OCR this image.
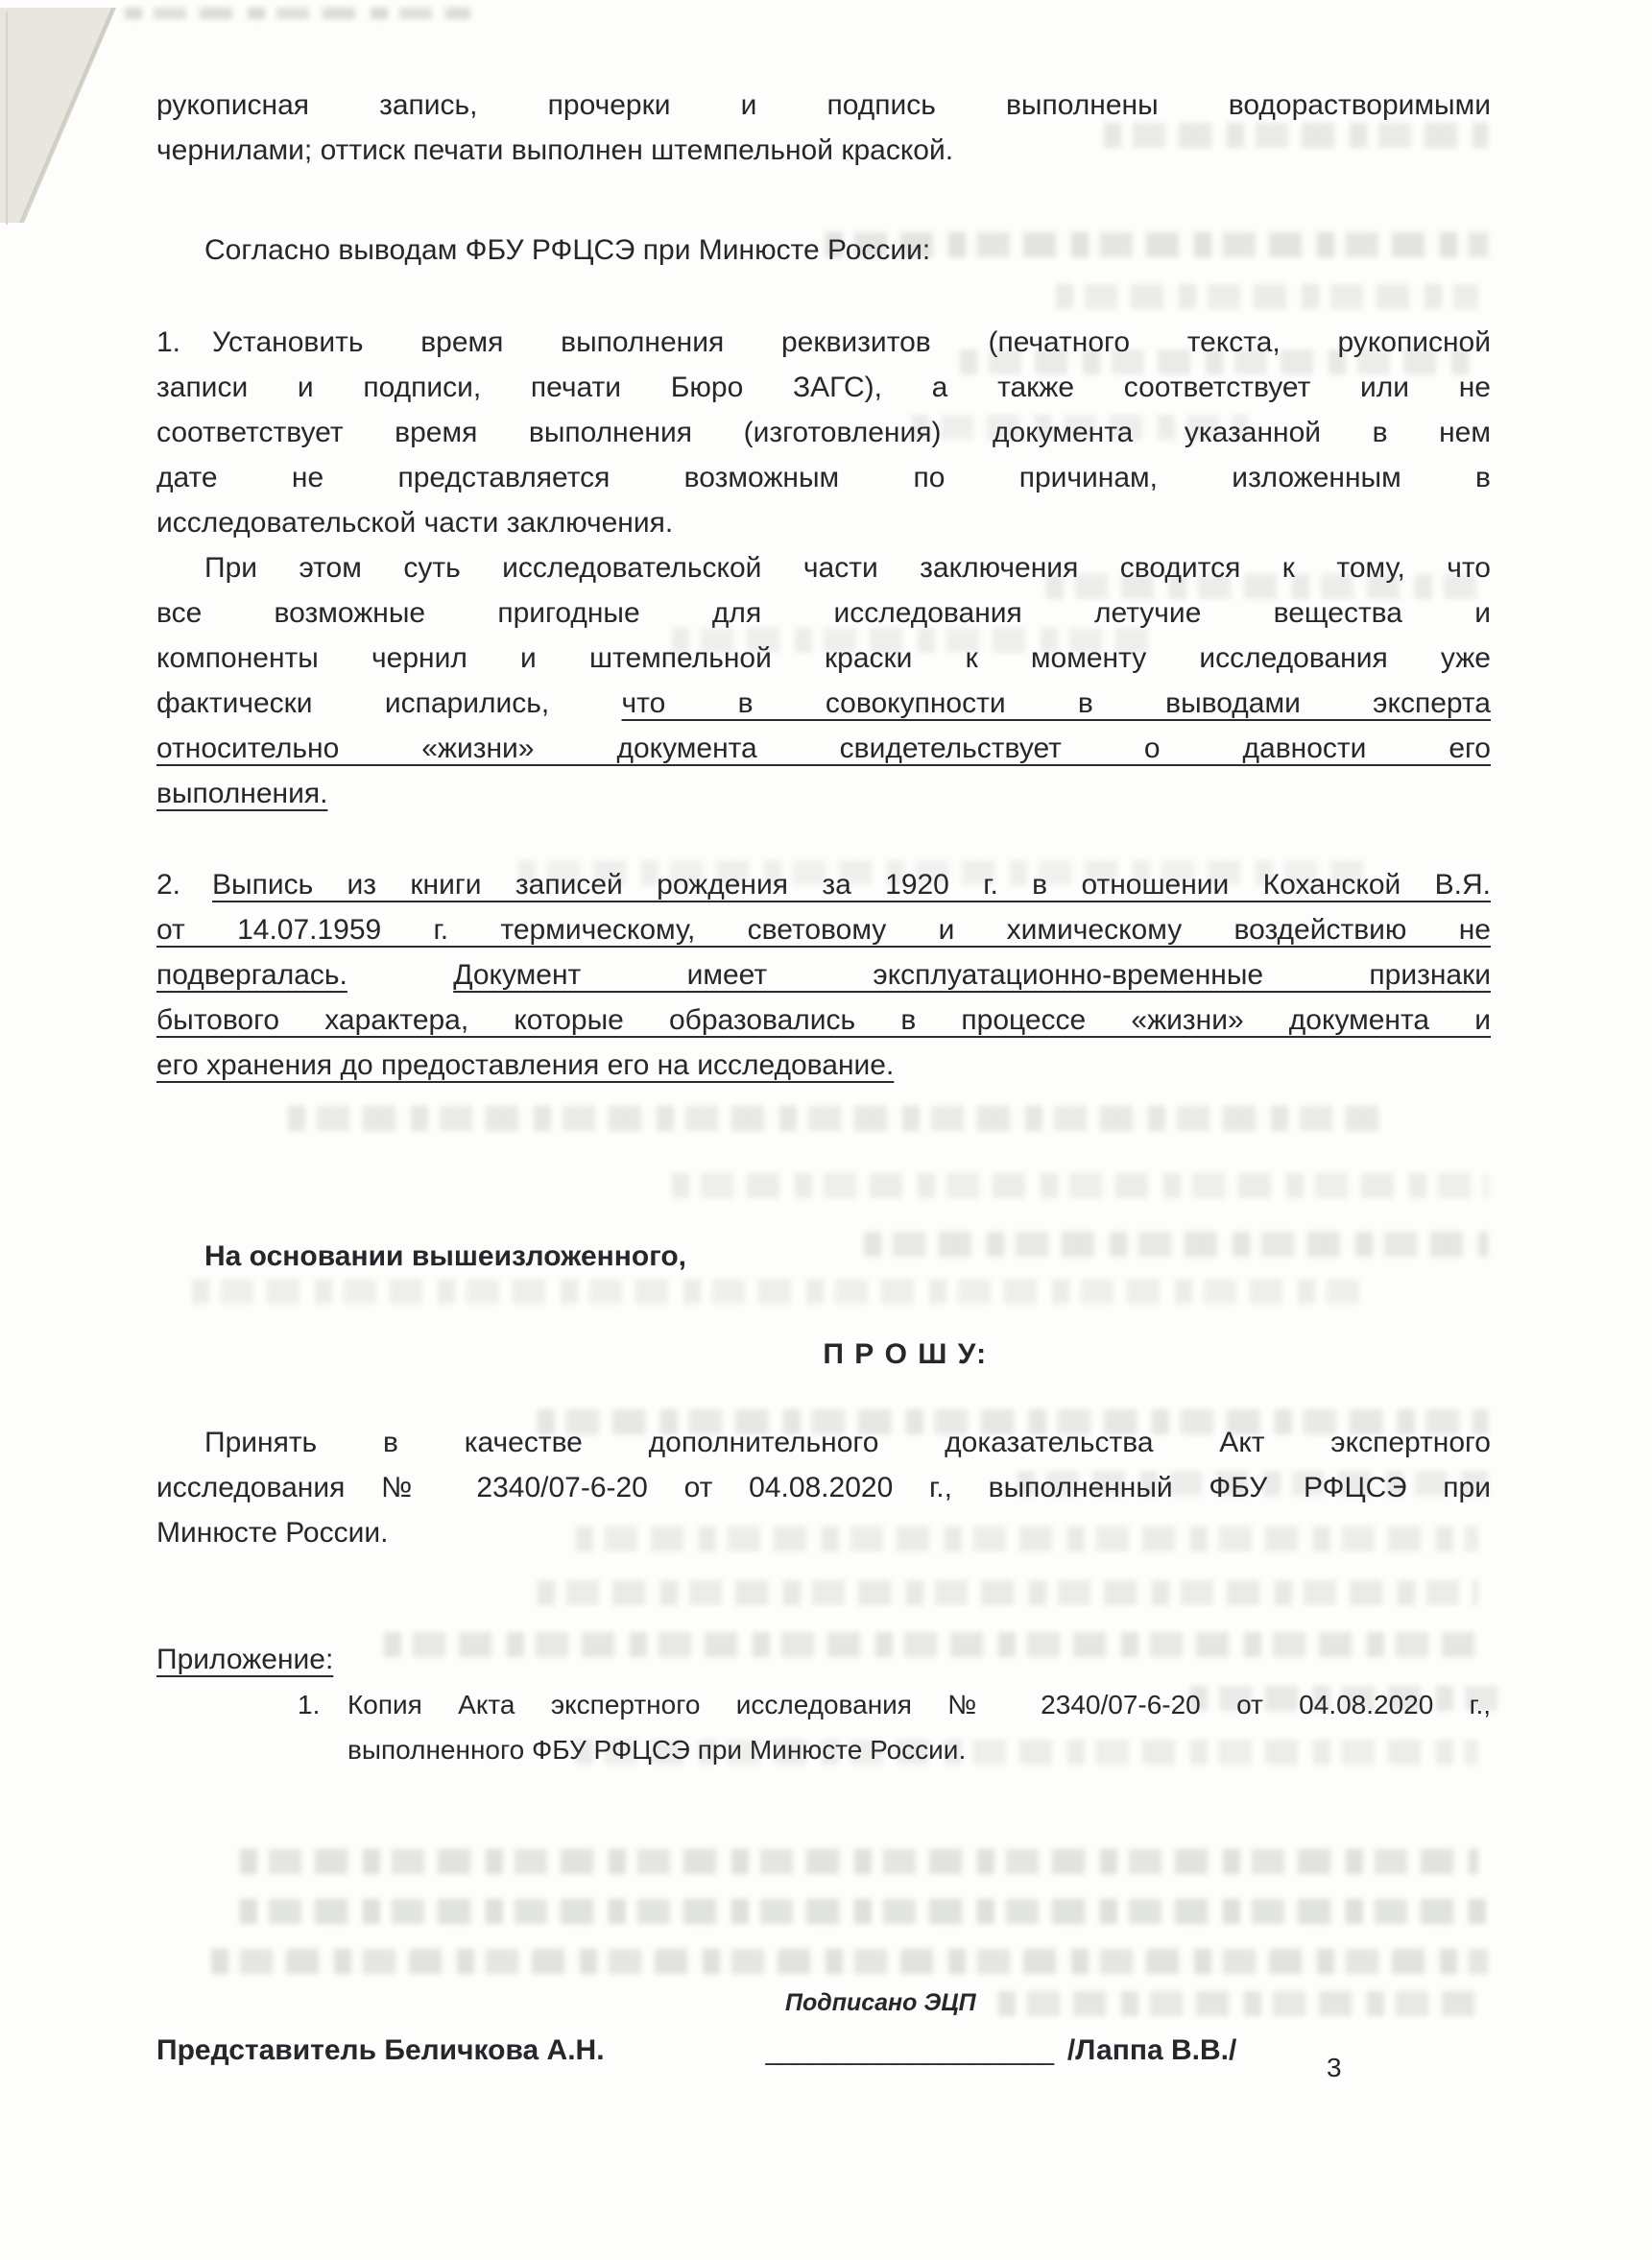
рукописная запись, прочерки и подпись выполнены водорастворимыми
чернилами; оттиск печати выполнен штемпельной краской.
Согласно выводам ФБУ РФЦСЭ при Минюсте России:
1.	Установить время выполнения реквизитов (печатного текста, рукописной
записи и подписи, печати Бюро ЗАГС), а также соответствует или не
соответствует время выполнения (изготовления) документа указанной в нем
дате не представляется возможным по причинам, изложенным в
исследовательской части заключения.
При этом суть исследовательской части заключения сводится к тому, что
все возможные пригодные для исследования летучие вещества и
компоненты чернил и штемпельной краски к моменту исследования уже
фактически испарились, что в совокупности в выводами эксперта
относительно «жизни» документа свидетельствует о давности его
выполнения.
2.	Выпись из книги записей рождения за 1920 г. в отношении Коханской В.Я.
от 14.07.1959 г. термическому, световому и химическому воздействию не
подвергалась.	Документ имеет эксплуатационно-временные признаки
бытового характера, которые образовались в процессе «жизни» документа и
его хранения до предоставления его на исследование.
На основании вышеизложенного,
П Р О Ш У:
Принять в качестве дополнительного доказательства Акт экспертного
исследования № 2340/07-6-20 от 04.08.2020 г., выполненный ФБУ РФЦСЭ при
Минюсте России.
Приложение:
1.	Копия Акта экспертного исследования № 2340/07-6-20 от 04.08.2020 г.,
выполненного ФБУ РФЦСЭ при Минюсте России.
Подписано ЭЦП
Представитель Беличкова А.Н.	__________________ /Лаппа В.В./
3
